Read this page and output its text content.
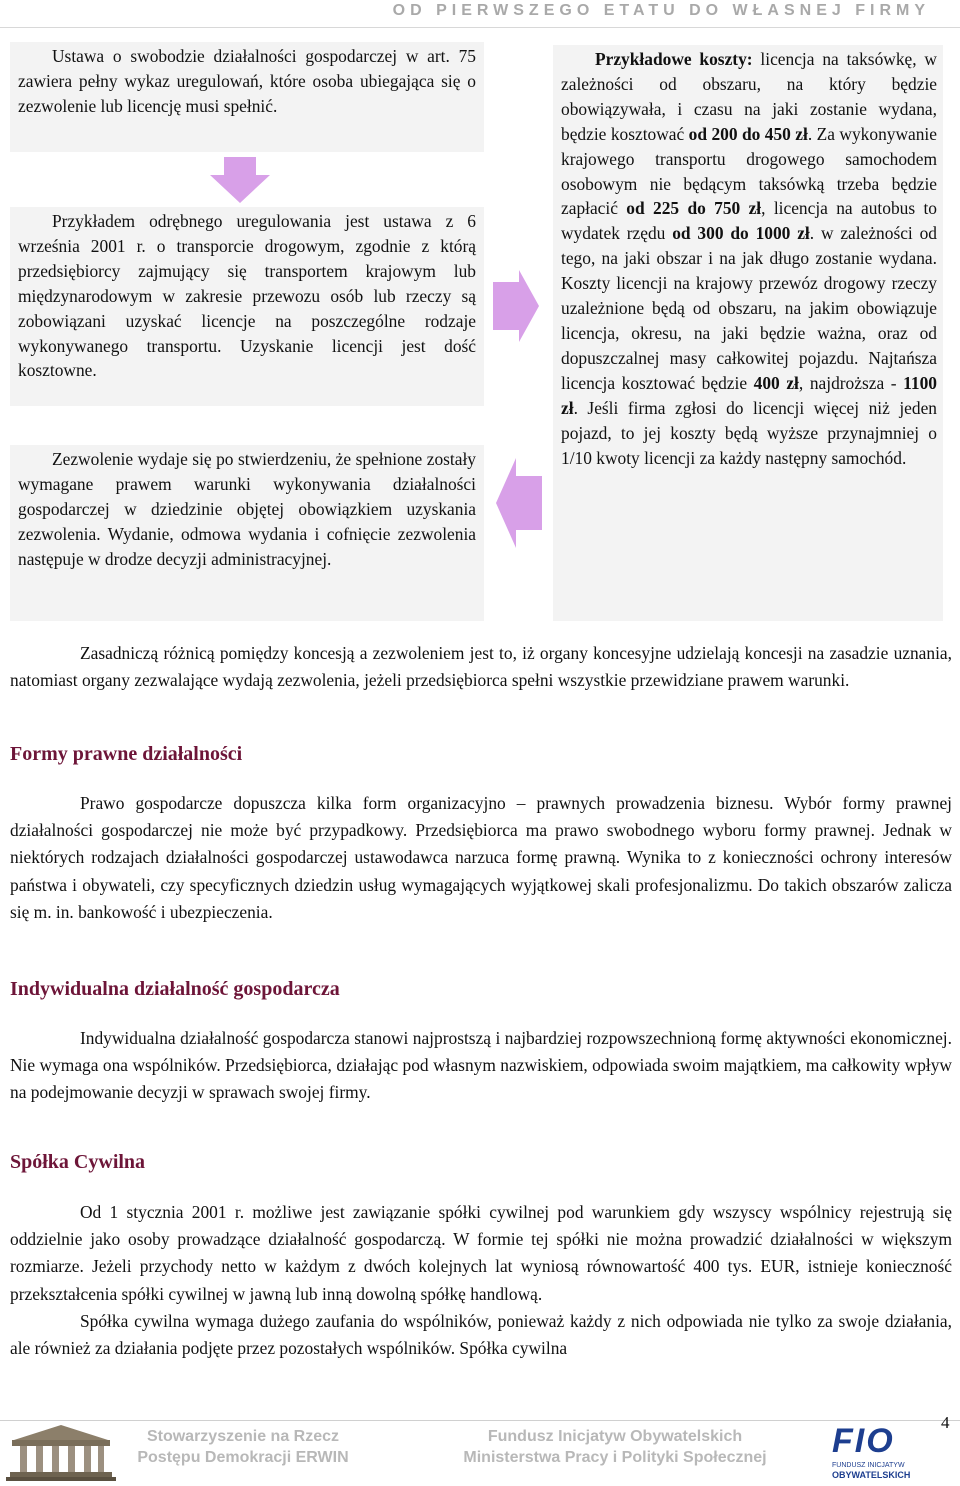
OD PIERWSZEGO ETATU DO WŁASNEJ FIRMY

Ustawa o swobodzie działalności gospodarczej w art. 75 zawiera pełny wykaz uregulowań, które osoba ubiegająca się o zezwolenie lub licencję musi spełnić.

Przykładem odrębnego uregulowania jest ustawa z 6 września 2001 r. o transporcie drogowym, zgodnie z którą przedsiębiorcy zajmujący się transportem krajowym lub międzynarodowym w zakresie przewozu osób lub rzeczy są zobowiązani uzyskać licencje na poszczególne rodzaje wykonywanego transportu. Uzyskanie licencji jest dość kosztowne.

Zezwolenie wydaje się po stwierdzeniu, że spełnione zostały wymagane prawem warunki wykonywania działalności gospodarczej w dziedzinie objętej obowiązkiem uzyskania zezwolenia. Wydanie, odmowa wydania i cofnięcie zezwolenia następuje w drodze decyzji administracyjnej.

Przykładowe koszty: licencja na taksówkę, w zależności od obszaru, na który będzie obowiązywała, i czasu na jaki zostanie wydana, będzie kosztować od 200 do 450 zł. Za wykonywanie krajowego transportu drogowego samochodem osobowym nie będącym taksówką trzeba będzie zapłacić od 225 do 750 zł, licencja na autobus to wydatek rzędu od 300 do 1000 zł. w zależności od tego, na jaki obszar i na jak długo zostanie wydana. Koszty licencji na krajowy przewóz drogowy rzeczy uzależnione będą od obszaru, na jakim obowiązuje licencja, okresu, na jaki będzie ważna, oraz od dopuszczalnej masy całkowitej pojazdu. Najtańsza licencja kosztować będzie 400 zł, najdroższa - 1100 zł. Jeśli firma zgłosi do licencji więcej niż jeden pojazd, to jej koszty będą wyższe przynajmniej o 1/10 kwoty licencji za każdy następny samochód.

Zasadniczą różnicą pomiędzy koncesją a zezwoleniem jest to, iż organy koncesyjne udzielają koncesji na zasadzie uznania, natomiast organy zezwalające wydają zezwolenia, jeżeli przedsiębiorca spełni wszystkie przewidziane prawem warunki.

Formy prawne działalności

Prawo gospodarcze dopuszcza kilka form organizacyjno – prawnych prowadzenia biznesu. Wybór formy prawnej działalności gospodarczej nie może być przypadkowy. Przedsiębiorca ma prawo swobodnego wyboru formy prawnej. Jednak w niektórych rodzajach działalności gospodarczej ustawodawca narzuca formę prawną. Wynika to z konieczności ochrony interesów państwa i obywateli, czy specyficznych dziedzin usług wymagających wyjątkowej skali profesjonalizmu. Do takich obszarów zalicza się m. in. bankowość i ubezpieczenia.

Indywidualna działalność gospodarcza

Indywidualna działalność gospodarcza stanowi najprostszą i najbardziej rozpowszechnioną formę aktywności ekonomicznej. Nie wymaga ona wspólników. Przedsiębiorca, działając pod własnym nazwiskiem, odpowiada swoim majątkiem, ma całkowity wpływ na podejmowanie decyzji w sprawach swojej firmy.

Spółka Cywilna

Od 1 stycznia 2001 r. możliwe jest zawiązanie spółki cywilnej pod warunkiem gdy wszyscy wspólnicy rejestrują się oddzielnie jako osoby prowadzące działalność gospodarczą. W formie tej spółki nie można prowadzić działalności w większym rozmiarze. Jeżeli przychody netto w każdym z dwóch kolejnych lat wyniosą równowartość 400 tys. EUR, istnieje konieczność przekształcenia spółki cywilnej w jawną lub inną dowolną spółkę handlową.

Spółka cywilna wymaga dużego zaufania do wspólników, ponieważ każdy z nich odpowiada nie tylko za swoje działania, ale również za działania podjęte przez pozostałych wspólników. Spółka cywilna

Stowarzyszenie na Rzecz
Postępu Demokracji ERWIN
Fundusz Inicjatyw Obywatelskich
Ministerstwa Pracy i Polityki Społecznej	FIO
FUNDUSZ INICJATYW
OBYWATELSKICH
4
